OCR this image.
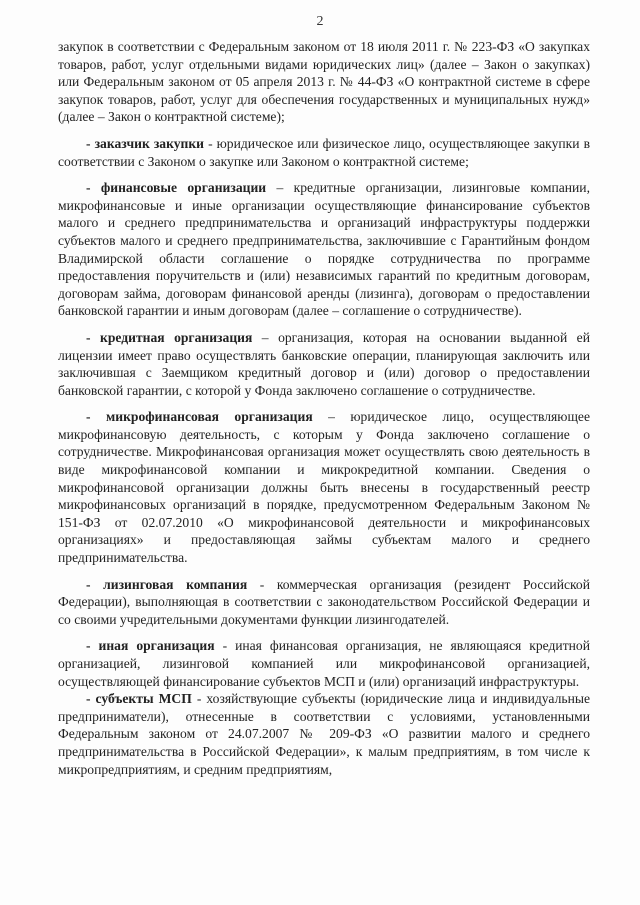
2

закупок в соответствии с Федеральным законом от 18 июля 2011 г. № 223-ФЗ «О закупках товаров, работ, услуг отдельными видами юридических лиц» (далее – Закон о закупках) или Федеральным законом от 05 апреля 2013 г. № 44-ФЗ «О контрактной системе в сфере закупок товаров, работ, услуг для обеспечения государственных и муниципальных нужд» (далее – Закон о контрактной системе);

- заказчик закупки - юридическое или физическое лицо, осуществляющее закупки в соответствии с Законом о закупке или Законом о контрактной системе;

- финансовые организации – кредитные организации, лизинговые компании, микрофинансовые и иные организации осуществляющие финансирование субъектов малого и среднего предпринимательства и организаций инфраструктуры поддержки субъектов малого и среднего предпринимательства, заключившие с Гарантийным фондом Владимирской области соглашение о порядке сотрудничества по программе предоставления поручительств и (или) независимых гарантий по кредитным договорам, договорам займа, договорам финансовой аренды (лизинга), договорам о предоставлении банковской гарантии и иным договорам (далее – соглашение о сотрудничестве).

- кредитная организация – организация, которая на основании выданной ей лицензии имеет право осуществлять банковские операции, планирующая заключить или заключившая с Заемщиком кредитный договор и (или) договор о предоставлении банковской гарантии, с которой у Фонда заключено соглашение о сотрудничестве.

- микрофинансовая организация – юридическое лицо, осуществляющее микрофинансовую деятельность, с которым у Фонда заключено соглашение о сотрудничестве. Микрофинансовая организация может осуществлять свою деятельность в виде микрофинансовой компании и микрокредитной компании. Сведения о микрофинансовой организации должны быть внесены в государственный реестр микрофинансовых организаций в порядке, предусмотренном Федеральным Законом № 151-ФЗ от 02.07.2010 «О микрофинансовой деятельности и микрофинансовых организациях» и предоставляющая займы субъектам малого и среднего предпринимательства.

- лизинговая компания - коммерческая организация (резидент Российской Федерации), выполняющая в соответствии с законодательством Российской Федерации и со своими учредительными документами функции лизингодателей.

- иная организация - иная финансовая организация, не являющаяся кредитной организацией, лизинговой компанией или микрофинансовой организацией, осуществляющей финансирование субъектов МСП и (или) организаций инфраструктуры.

- субъекты МСП - хозяйствующие субъекты (юридические лица и индивидуальные предприниматели), отнесенные в соответствии с условиями, установленными Федеральным законом от 24.07.2007 № 209-ФЗ «О развитии малого и среднего предпринимательства в Российской Федерации», к малым предприятиям, в том числе к микропредприятиям, и средним предприятиям,
